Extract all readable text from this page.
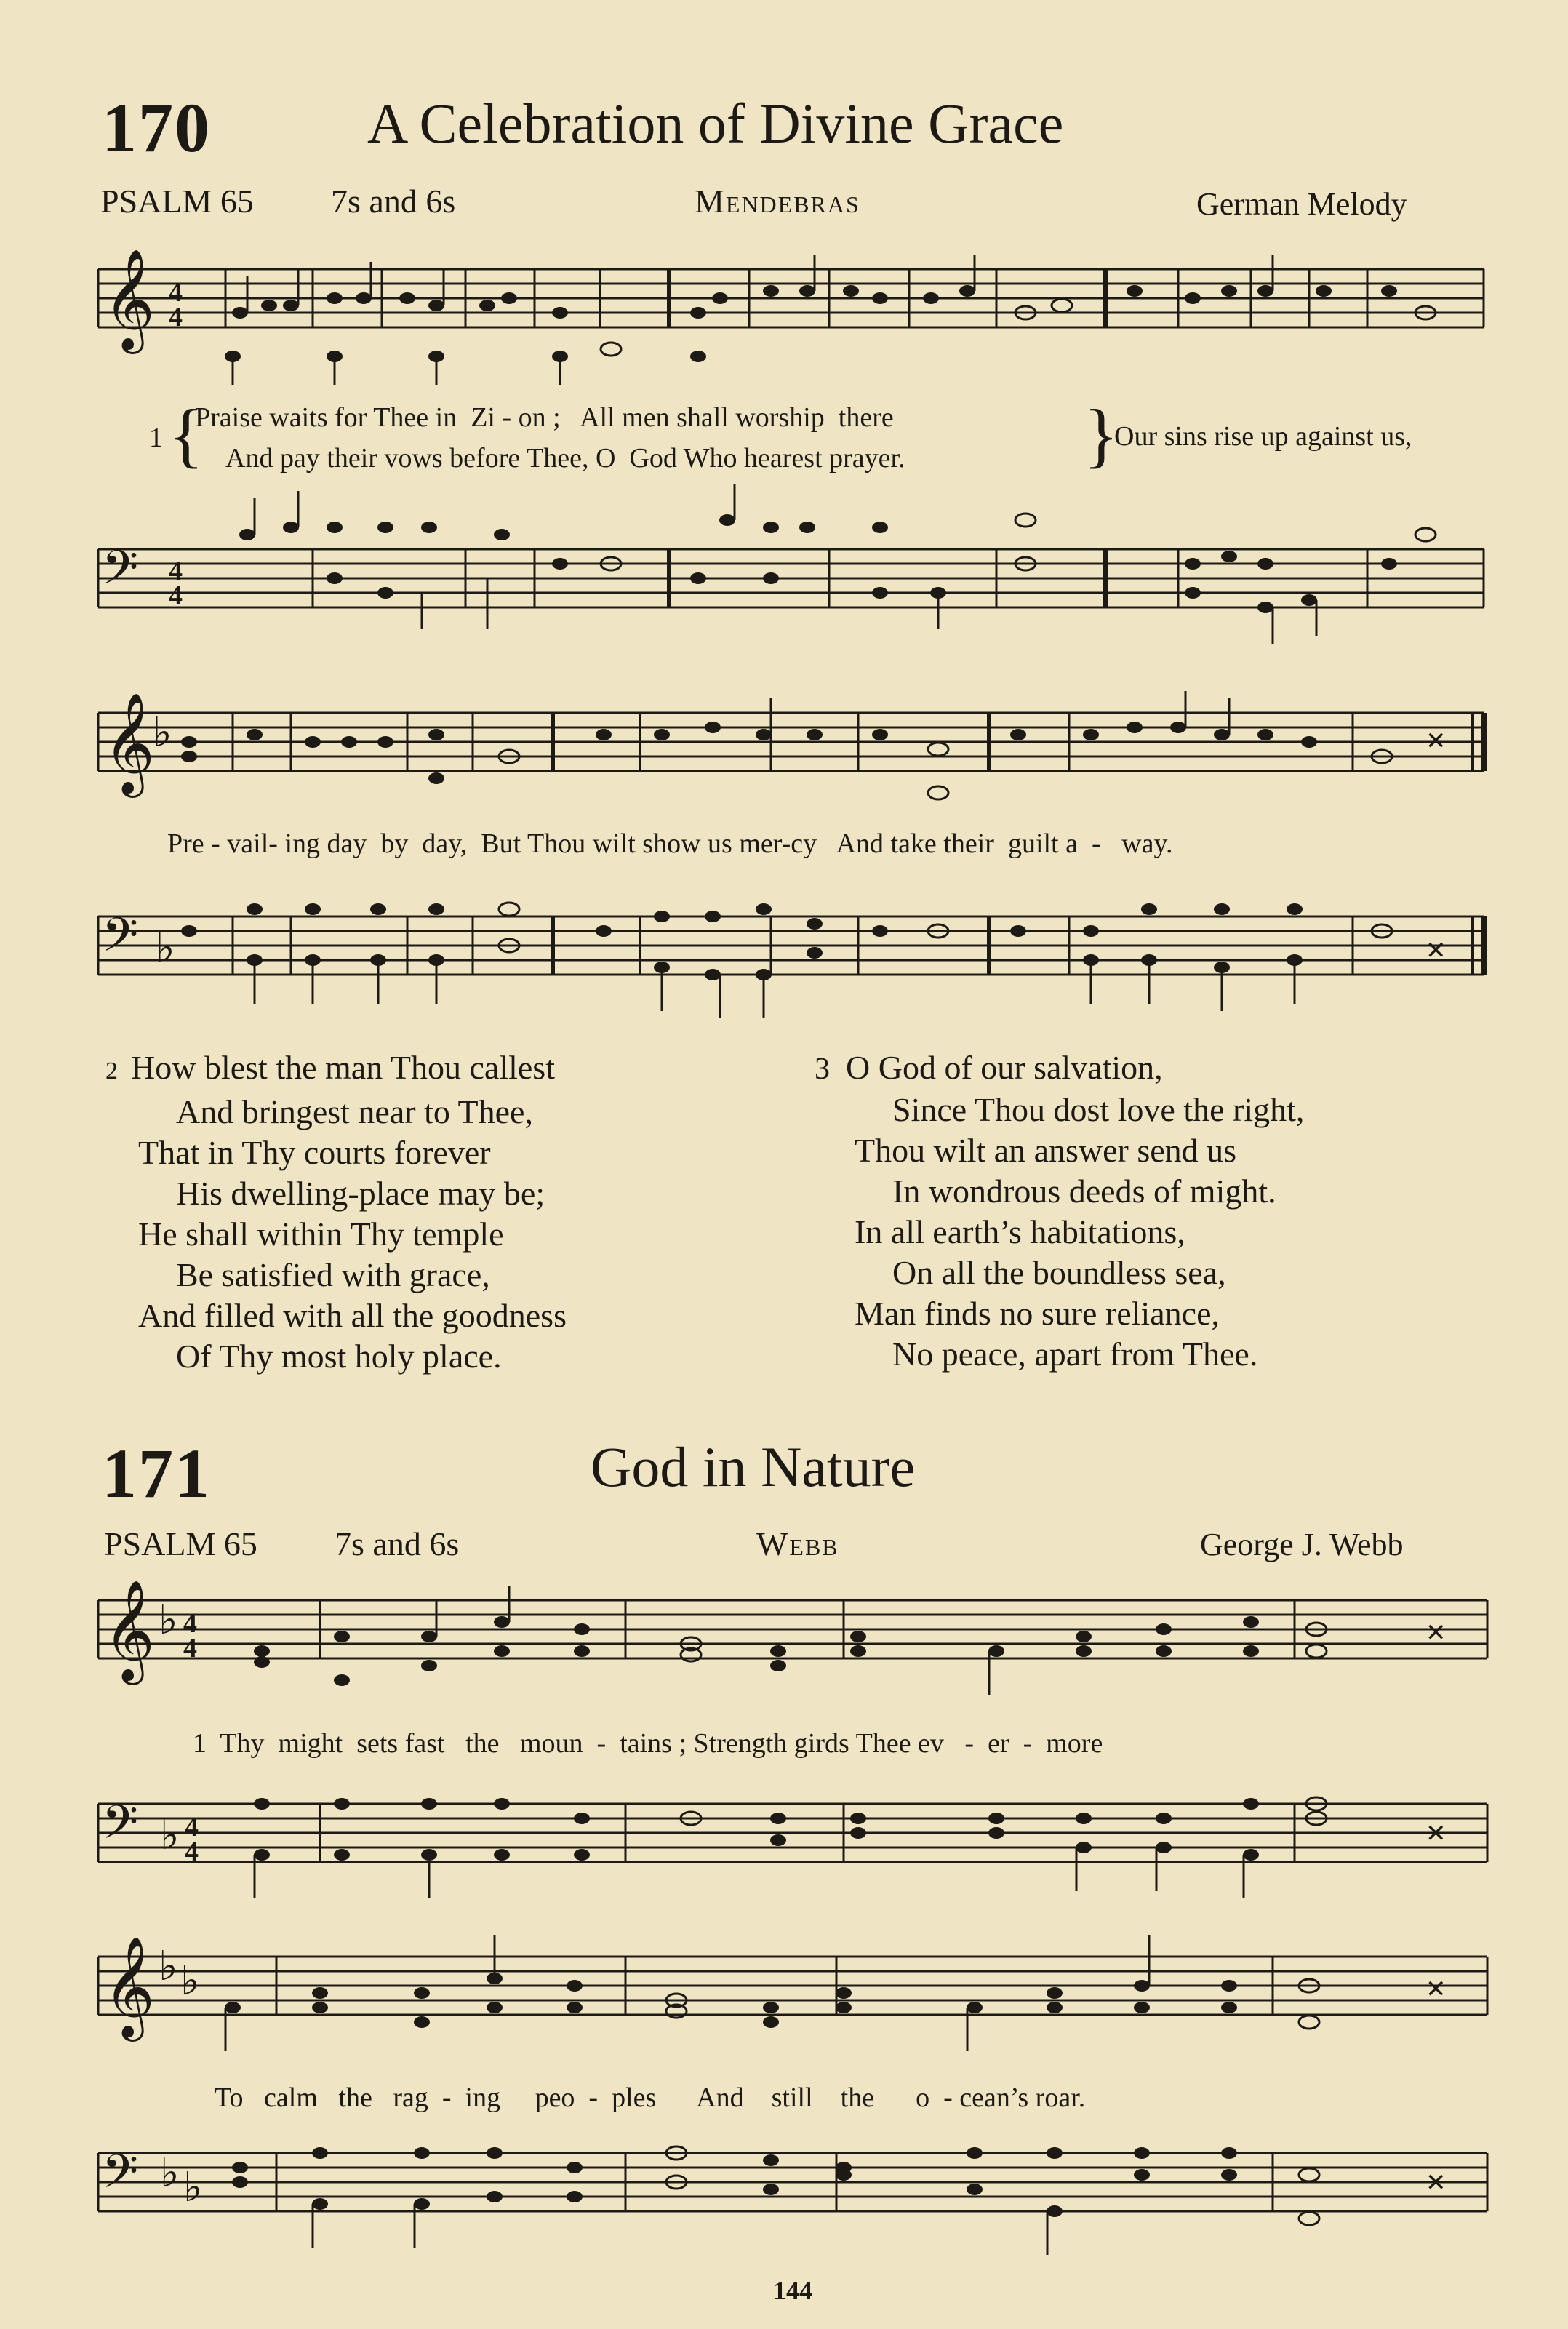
170	A Celebration of Divine Grace
PSALM 65 7s and 6s	Mendebras	German Melody
𝄞 4
4
1 {
Praise waits for Thee in  Zi - on ;   All men shall worship  there
And pay their vows before Thee, O  God Who hearest prayer. }
Our sins rise up against us,
𝄢 4
4
𝄞
♭	✕
Pre - vail- ing day  by  day,  But Thou wilt show us mer-cy   And take their  guilt a  -   way.
𝄢 ♭	✕
2 How blest the man Thou callest
And bringest near to Thee,
That in Thy courts forever
His dwelling-place may be;
He shall within Thy temple
Be satisfied with grace,
And filled with all the goodness
Of Thy most holy place.
3 O God of our salvation,
Since Thou dost love the right,
Thou wilt an answer send us
In wondrous deeds of might.
In all earth’s habitations,
On all the boundless sea,
Man finds no sure reliance,
No peace, apart from Thee.
171	God in Nature
PSALM 65 7s and 6s	Webb	George J. Webb
𝄞 ♭ 4
4	✕
1  Thy  might  sets fast   the   moun  -  tains ; Strength girds Thee ev   -  er  -  more
𝄢 ♭ 4
4
✕
𝄞 ♭ ♭	✕
To   calm   the   rag  -  ing     peo  -  ples      And    still    the      o  - cean’s roar.
𝄢 ♭ ♭	✕
144
